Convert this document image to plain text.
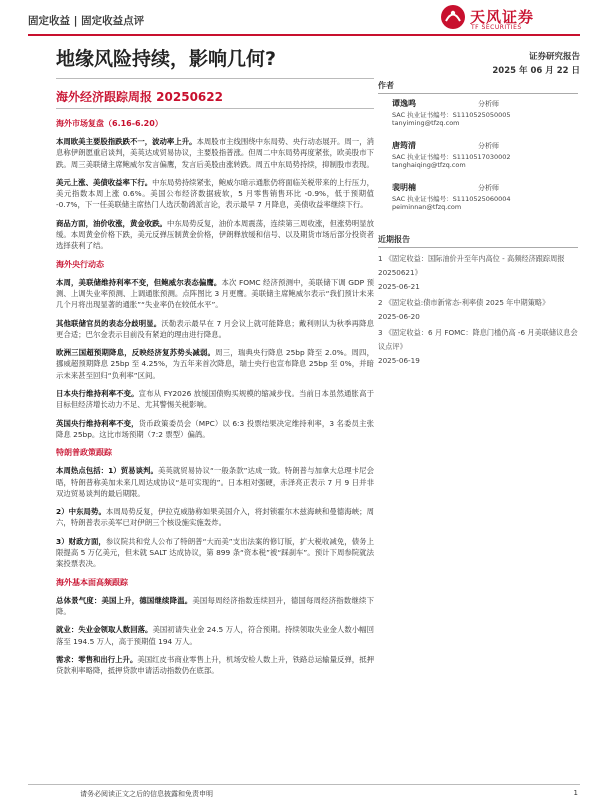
固定收益 | 固定收益点评	天风证券
TF SECURITIES
地缘风险持续，影响几何?	证券研究报告
2025 年 06 月 22 日
海外经济跟踪周报 20250622
海外市场复盘（6.16-6.20）

本周欧美主要股指跌跌不一，波动率上升。本周股市主线围绕中东局势、央行动态展开。周一，消息称伊朗愿重启谈判，美英达成贸易协议，主要股指普涨。但周二中东局势再度紧张，欧美股市下跌。周三美联储主席鲍威尔发言偏鹰，发言后美股由涨转跌。周五中东局势持续，抑制股市表现。

美元上涨、美债收益率下行。中东局势持续紧张，鲍威尔暗示通胀仍将面临关税带来的上行压力，美元指数本周上涨 0.6%。美国公布经济数据疲软，5 月零售销售环比 -0.9%，低于预期值 -0.7%，下一任美联储主席热门人选沃勒鸽派言论，表示最早 7 月降息，美债收益率继续下行。

商品方面，油价收涨，黄金收跌。中东局势反复，油价本周震荡，连续第三周收涨，但涨势明显放缓。本周黄金价格下跌，美元反弹压制黄金价格，伊朗释放缓和信号、以及期货市场后部分投资者选择获利了结。

海外央行动态

本周，美联储维持利率不变，但鲍威尔表态偏鹰。本次 FOMC 经济预测中，美联储下调 GDP 预测、上调失业率预测、上调通胀预测。点阵图比 3 月更鹰。美联储主席鲍威尔表示“我们预计未来几个月将出现显著的通胀”“失业率仍在较低水平”。

其他联储官员的表态分歧明显。沃勒表示最早在 7 月会议上就可能降息；戴利则认为秋季再降息更合适；巴尔金表示目前没有紧迫的理由进行降息。

欧洲三国超预期降息，反映经济复苏势头减弱。周三，瑞典央行降息 25bp 降至 2.0%。周四，挪威超预期降息 25bp 至 4.25%，为五年来首次降息，瑞士央行也宣布降息 25bp 至 0%，并暗示未来甚至回归“负利率”区间。

日本央行维持利率不变。宣布从 FY2026 放缓国债购买规模的缩减步伐。当前日本虽然通胀高于目标但经济增长动力不足、尤其警惕关税影响。

英国央行维持利率不变，货币政策委员会（MPC）以 6:3 投票结果决定维持利率，3 名委员主张降息 25bp。这比市场预期（7:2 票型）偏鸽。

特朗普政策跟踪

本周热点包括：1）贸易谈判。美英就贸易协议“一般条款”达成一致。特朗普与加拿大总理卡尼会晤，特朗普称美加未来几周达成协议“是可实现的”。日本相对强硬，赤泽亮正表示 7 月 9 日并非双边贸易谈判的最后期限。

2）中东局势。本周局势反复，伊拉克威胁称如果美国介入，将封锁霍尔木兹海峡和曼德海峡；周六，特朗普表示美军已对伊朗三个核设施实施轰炸。

3）财政方面，参议院共和党人公布了特朗普“大而美”支出法案的修订版，扩大税收减免，债务上限提高 5 万亿美元，但未就 SALT 达成协议，第 899 条“资本税”被“踩刹车”。预计下周参院就法案投票表决。

海外基本面高频跟踪

总体景气度：美国上升，德国继续降温。美国每周经济指数连续回升，德国每周经济指数继续下降。

就业：失业金领取人数回落。美国初请失业金 24.5 万人，符合预期。持续领取失业金人数小幅回落至 194.5 万人，高于预期值 194 万人。

需求：零售和出行上升。美国红皮书商业零售上升，机场安检人数上升，铁路总运输量反弹，抵押贷款利率略降，抵押贷款申请活动指数仍在底部。

作者
谭逸鸣	分析师
SAC 执业证书编号：S1110525050005
tanyiming@tfzq.com
唐筠清	分析师
SAC 执业证书编号：S1110517030002
tanghaiqing@tfzq.com
裴明楠	分析师
SAC 执业证书编号：S1110525060004
peiminnan@tfzq.com
近期报告
1 《固定收益：国际油价升至年内高位 - 高频经济跟踪周报 20250621》
2025-06-21
2 《固定收益:债市新常态-利率债 2025 年中期策略》
2025-06-20
3 《固定收益：6 月 FOMC：降息门槛仍高 -6 月美联储议息会议点评》
2025-06-19
请务必阅读正文之后的信息披露和免责申明	1
